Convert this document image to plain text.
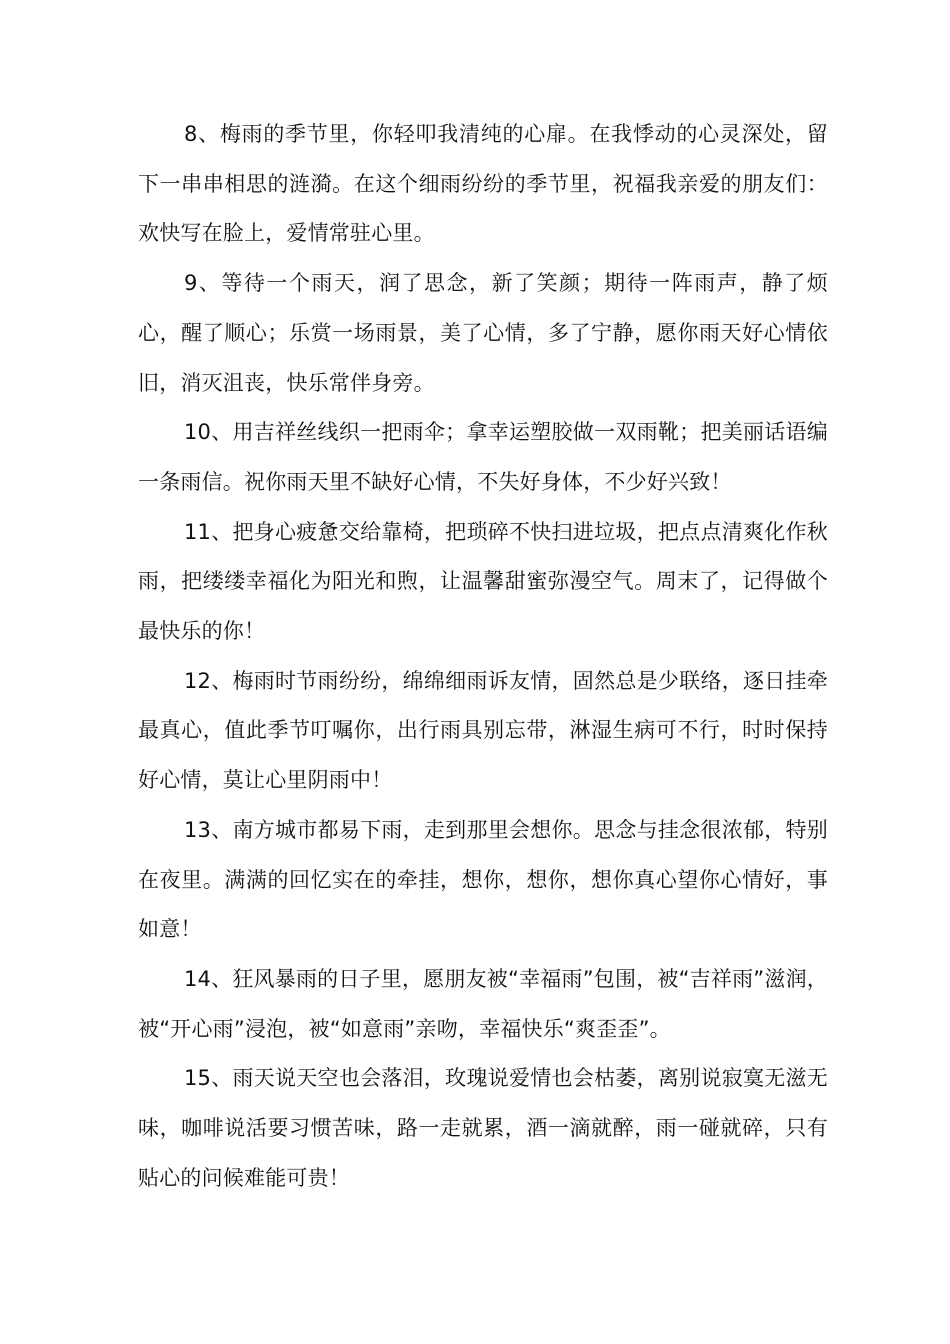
8、梅雨的季节里，你轻叩我清纯的心扉。在我悸动的心灵深处，留下一串串相思的涟漪。在这个细雨纷纷的季节里，祝福我亲爱的朋友们：欢快写在脸上，爱情常驻心里。

9、等待一个雨天，润了思念，新了笑颜；期待一阵雨声，静了烦心，醒了顺心；乐赏一场雨景，美了心情，多了宁静，愿你雨天好心情依旧，消灭沮丧，快乐常伴身旁。

10、用吉祥丝线织一把雨伞；拿幸运塑胶做一双雨靴；把美丽话语编一条雨信。祝你雨天里不缺好心情，不失好身体，不少好兴致！

11、把身心疲惫交给靠椅，把琐碎不快扫进垃圾，把点点清爽化作秋雨，把缕缕幸福化为阳光和煦，让温馨甜蜜弥漫空气。周末了，记得做个最快乐的你！

12、梅雨时节雨纷纷，绵绵细雨诉友情，固然总是少联络，逐日挂牵最真心，值此季节叮嘱你，出行雨具别忘带，淋湿生病可不行，时时保持好心情，莫让心里阴雨中！

13、南方城市都易下雨，走到那里会想你。思念与挂念很浓郁，特别在夜里。满满的回忆实在的牵挂，想你，想你，想你真心望你心情好，事如意！

14、狂风暴雨的日子里，愿朋友被“幸福雨”包围，被“吉祥雨”滋润，被“开心雨”浸泡，被“如意雨”亲吻，幸福快乐“爽歪歪”。

15、雨天说天空也会落泪，玫瑰说爱情也会枯萎，离别说寂寞无滋无味，咖啡说活要习惯苦味，路一走就累，酒一滴就醉，雨一碰就碎，只有贴心的问候难能可贵！
